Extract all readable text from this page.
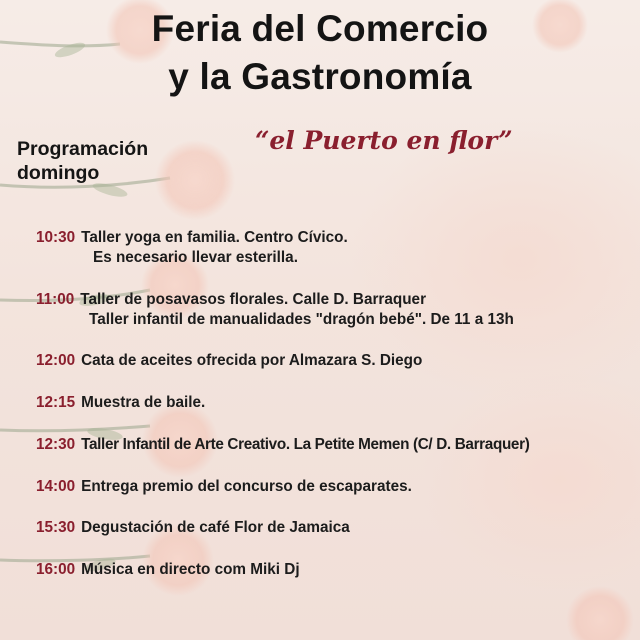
Feria del Comercio
y la Gastronomía
“el Puerto en flor”
Programación
domingo
10:30 Taller yoga en familia. Centro Cívico.
Es necesario llevar esterilla.
11:00 Taller de posavasos florales. Calle D. Barraquer
Taller infantil de manualidades "dragón bebé". De 11 a 13h
12:00 Cata de aceites ofrecida por Almazara S. Diego
12:15 Muestra de baile.
12:30 Taller Infantil de Arte Creativo. La Petite Memen (C/ D. Barraquer)
14:00 Entrega premio del concurso de escaparates.
15:30 Degustación de café Flor de Jamaica
16:00 Música en directo com Miki Dj
